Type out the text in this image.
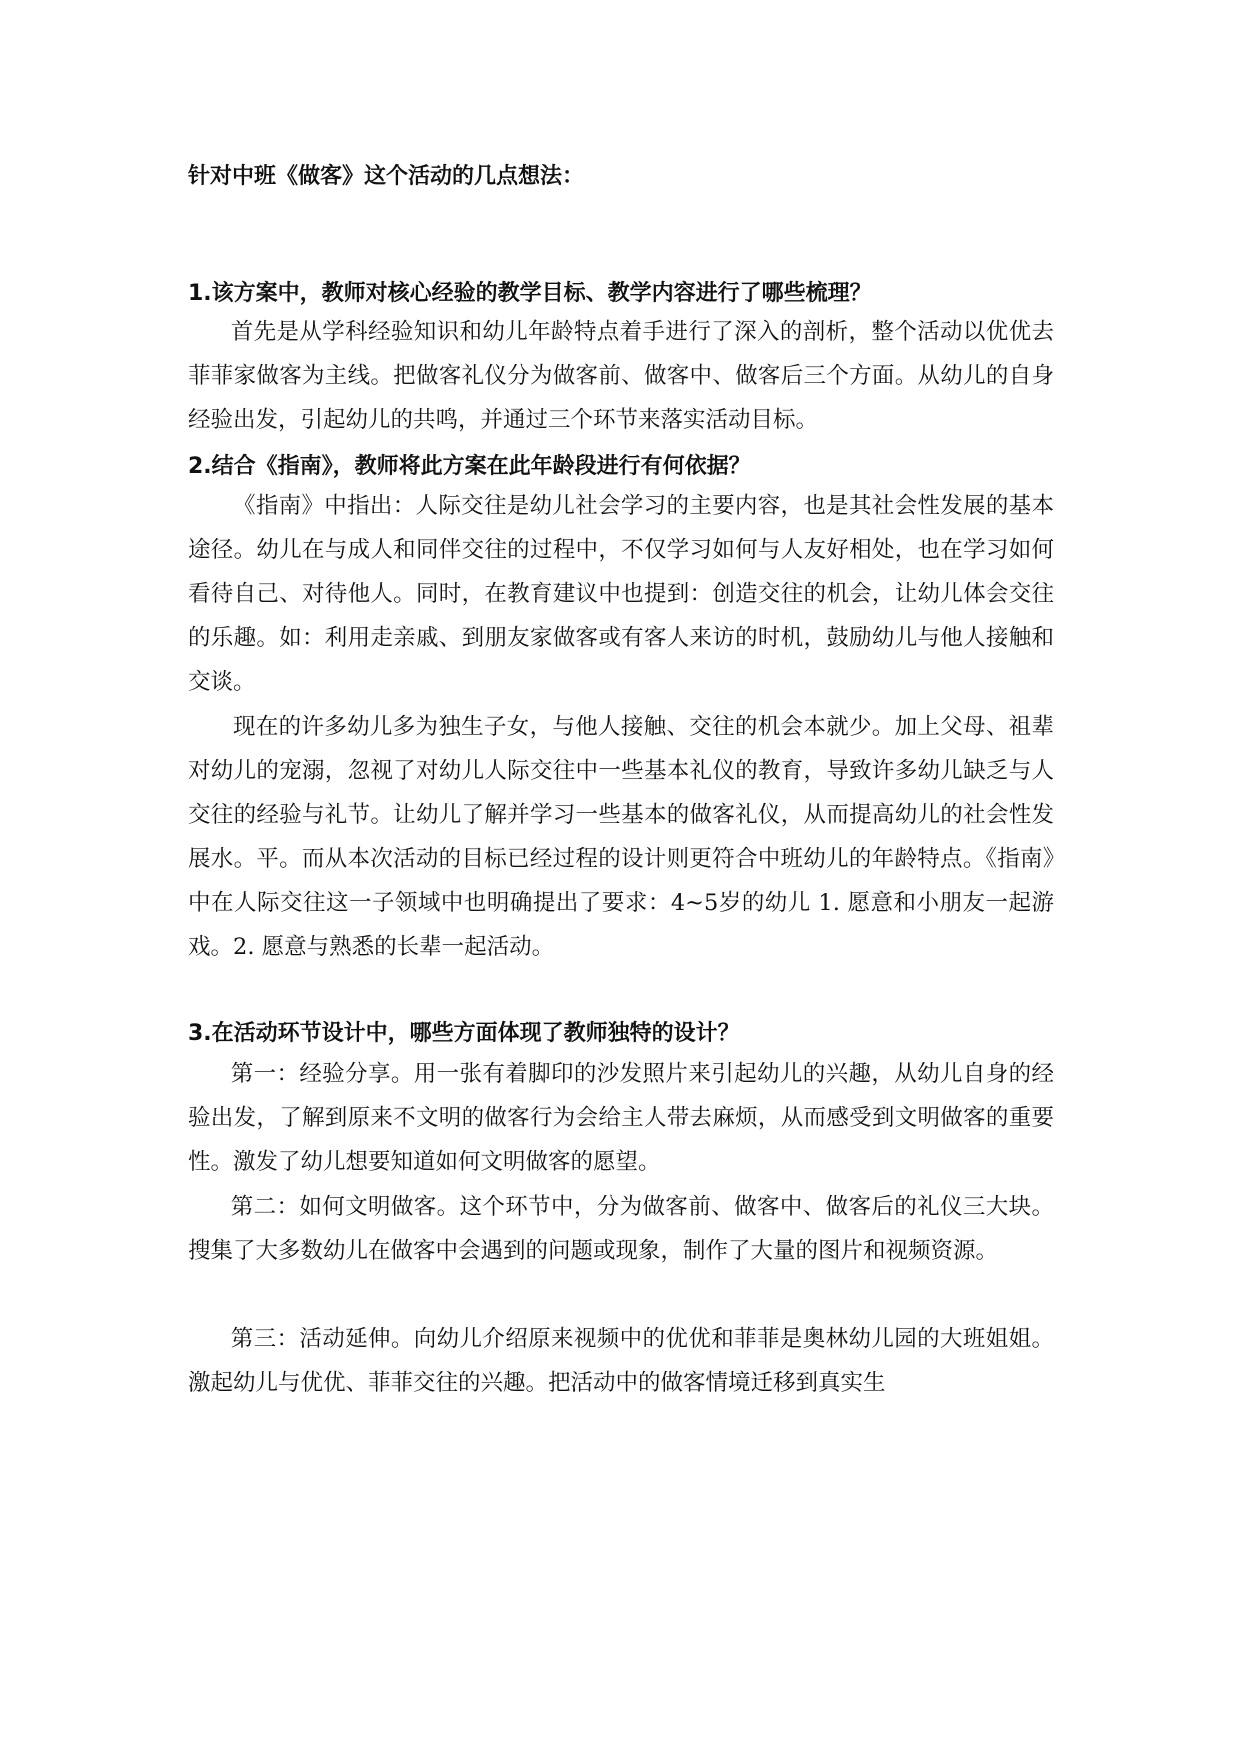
针对中班《做客》这个活动的几点想法：
1.该方案中，教师对核心经验的教学目标、教学内容进行了哪些梳理？

首先是从学科经验知识和幼儿年龄特点着手进行了深入的剖析，整个活动以优优去菲菲家做客为主线。把做客礼仪分为做客前、做客中、做客后三个方面。从幼儿的自身经验出发，引起幼儿的共鸣，并通过三个环节来落实活动目标。

2.结合《指南》，教师将此方案在此年龄段进行有何依据？

《指南》中指出：人际交往是幼儿社会学习的主要内容，也是其社会性发展的基本途径。幼儿在与成人和同伴交往的过程中，不仅学习如何与人友好相处，也在学习如何看待自己、对待他人。同时，在教育建议中也提到：创造交往的机会，让幼儿体会交往的乐趣。如：利用走亲戚、到朋友家做客或有客人来访的时机，鼓励幼儿与他人接触和交谈。

现在的许多幼儿多为独生子女，与他人接触、交往的机会本就少。加上父母、祖辈对幼儿的宠溺，忽视了对幼儿人际交往中一些基本礼仪的教育，导致许多幼儿缺乏与人交往的经验与礼节。让幼儿了解并学习一些基本的做客礼仪，从而提高幼儿的社会性发展水。平。而从本次活动的目标已经过程的设计则更符合中班幼儿的年龄特点。《指南》中在人际交往这一子领域中也明确提出了要求：4~5岁的幼儿 1. 愿意和小朋友一起游戏。2. 愿意与熟悉的长辈一起活动。

3.在活动环节设计中，哪些方面体现了教师独特的设计？

第一：经验分享。用一张有着脚印的沙发照片来引起幼儿的兴趣，从幼儿自身的经验出发，了解到原来不文明的做客行为会给主人带去麻烦，从而感受到文明做客的重要性。激发了幼儿想要知道如何文明做客的愿望。

第二：如何文明做客。这个环节中，分为做客前、做客中、做客后的礼仪三大块。搜集了大多数幼儿在做客中会遇到的问题或现象，制作了大量的图片和视频资源。

第三：活动延伸。向幼儿介绍原来视频中的优优和菲菲是奥林幼儿园的大班姐姐。激起幼儿与优优、菲菲交往的兴趣。把活动中的做客情境迁移到真实生
